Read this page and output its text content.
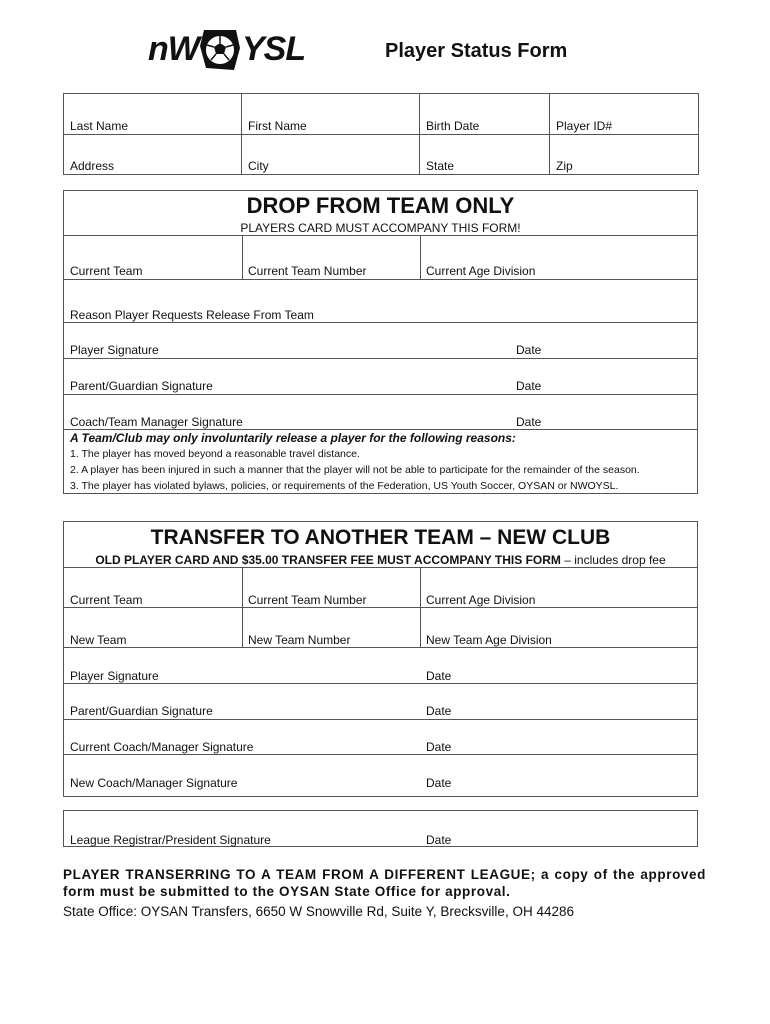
nW YSL	Player Status Form
Last Name	First Name	Birth Date	Player ID#
Address	City	State	Zip
DROP FROM TEAM ONLY
PLAYERS CARD MUST ACCOMPANY THIS FORM!
Current Team	Current Team Number	Current Age Division
Reason Player Requests Release From Team
Player Signature	Date
Parent/Guardian Signature	Date
Coach/Team Manager Signature	Date
A Team/Club may only involuntarily release a player for the following reasons:
1. The player has moved beyond a reasonable travel distance.
2. A player has been injured in such a manner that the player will not be able to participate for the remainder of the season.
3. The player has violated bylaws, policies, or requirements of the Federation, US Youth Soccer, OYSAN or NWOYSL.
TRANSFER TO ANOTHER TEAM – NEW CLUB
OLD PLAYER CARD AND $35.00 TRANSFER FEE MUST ACCOMPANY THIS FORM – includes drop fee
Current Team	Current Team Number	Current Age Division
New Team	New Team Number	New Team Age Division
Player Signature	Date
Parent/Guardian Signature	Date
Current Coach/Manager Signature	Date
New Coach/Manager Signature	Date
League Registrar/President Signature	Date
PLAYER TRANSERRING TO A TEAM FROM A DIFFERENT LEAGUE; a copy of the approved form must be submitted to the OYSAN State Office for approval.
State Office: OYSAN Transfers, 6650 W Snowville Rd, Suite Y, Brecksville, OH 44286
